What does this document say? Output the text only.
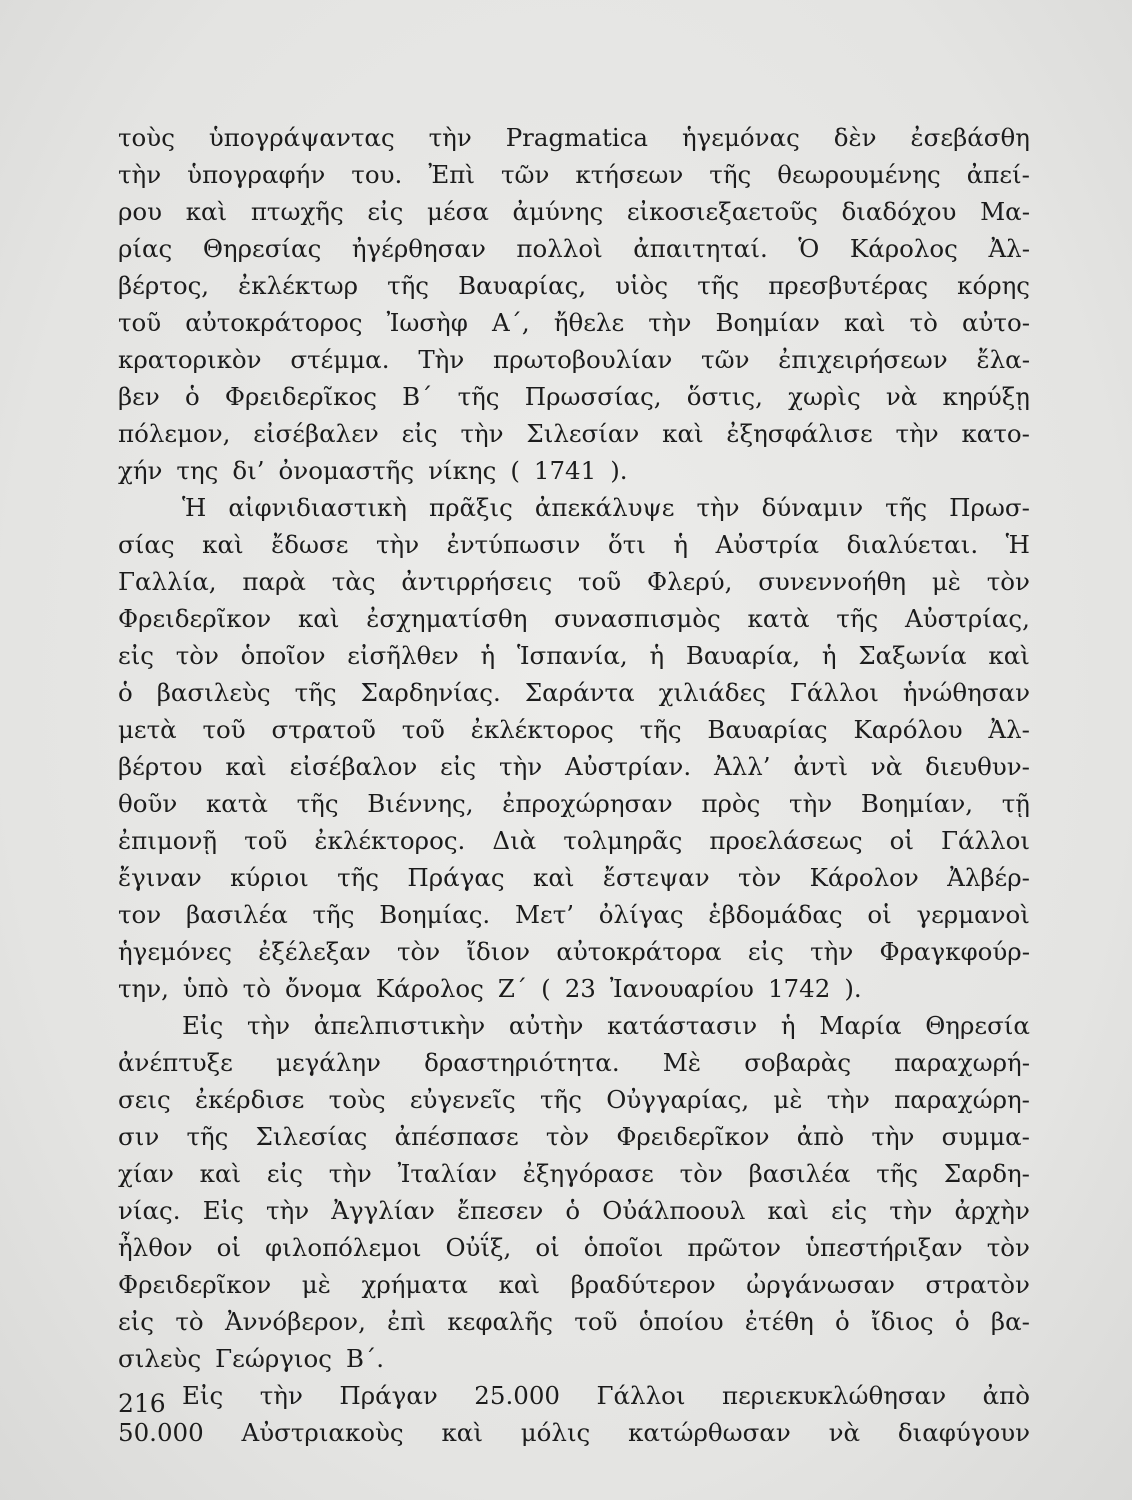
τοὺς ὑπογράψαντας τὴν Pragmatica ἡγεμόνας δὲν ἐσεβάσθη
τὴν ὑπογραφήν του. Ἐπὶ τῶν κτήσεων τῆς θεωρουμένης ἀπεί-
ρου καὶ πτωχῆς εἰς μέσα ἀμύνης εἰκοσιεξαετοῦς διαδόχου Μα-
ρίας Θηρεσίας ἠγέρθησαν πολλοὶ ἀπαιτηταί. Ὁ Κάρολος Ἀλ-
βέρτος, ἐκλέκτωρ τῆς Βαυαρίας, υἱὸς τῆς πρεσβυτέρας κόρης
τοῦ αὐτοκράτορος Ἰωσὴφ Α΄, ἤθελε τὴν Βοημίαν καὶ τὸ αὐτο-
κρατορικὸν στέμμα. Τὴν πρωτοβουλίαν τῶν ἐπιχειρήσεων ἔλα-
βεν ὁ Φρειδερῖκος Β΄ τῆς Πρωσσίας, ὅστις, χωρὶς νὰ κηρύξῃ
πόλεμον, εἰσέβαλεν εἰς τὴν Σιλεσίαν καὶ ἐξησφάλισε τὴν κατο-
χήν της δι’ ὀνομαστῆς νίκης ( 1741 ).
Ἡ αἰφνιδιαστικὴ πρᾶξις ἀπεκάλυψε τὴν δύναμιν τῆς Πρωσ-
σίας καὶ ἔδωσε τὴν ἐντύπωσιν ὅτι ἡ Αὐστρία διαλύεται. Ἡ
Γαλλία, παρὰ τὰς ἀντιρρήσεις τοῦ Φλερύ, συνεννοήθη μὲ τὸν
Φρειδερῖκον καὶ ἐσχηματίσθη συνασπισμὸς κατὰ τῆς Αὐστρίας,
εἰς τὸν ὁποῖον εἰσῆλθεν ἡ Ἱσπανία, ἡ Βαυαρία, ἡ Σαξωνία καὶ
ὁ βασιλεὺς τῆς Σαρδηνίας. Σαράντα χιλιάδες Γάλλοι ἡνώθησαν
μετὰ τοῦ στρατοῦ τοῦ ἐκλέκτορος τῆς Βαυαρίας Καρόλου Ἀλ-
βέρτου καὶ εἰσέβαλον εἰς τὴν Αὐστρίαν. Ἀλλ’ ἀντὶ νὰ διευθυν-
θοῦν κατὰ τῆς Βιέννης, ἐπροχώρησαν πρὸς τὴν Βοημίαν, τῇ
ἐπιμονῇ τοῦ ἐκλέκτορος. Διὰ τολμηρᾶς προελάσεως οἱ Γάλλοι
ἔγιναν κύριοι τῆς Πράγας καὶ ἔστεψαν τὸν Κάρολον Ἀλβέρ-
τον βασιλέα τῆς Βοημίας. Μετ’ ὀλίγας ἑβδομάδας οἱ γερμανοὶ
ἡγεμόνες ἐξέλεξαν τὸν ἴδιον αὐτοκράτορα εἰς τὴν Φραγκφούρ-
την, ὑπὸ τὸ ὄνομα Κάρολος Ζ΄ ( 23 Ἰανουαρίου 1742 ).
Εἰς τὴν ἀπελπιστικὴν αὐτὴν κατάστασιν ἡ Μαρία Θηρεσία
ἀνέπτυξε μεγάλην δραστηριότητα. Μὲ σοβαρὰς παραχωρή-
σεις ἐκέρδισε τοὺς εὐγενεῖς τῆς Οὐγγαρίας, μὲ τὴν παραχώρη-
σιν τῆς Σιλεσίας ἀπέσπασε τὸν Φρειδερῖκον ἀπὸ τὴν συμμα-
χίαν καὶ εἰς τὴν Ἰταλίαν ἐξηγόρασε τὸν βασιλέα τῆς Σαρδη-
νίας. Εἰς τὴν Ἀγγλίαν ἔπεσεν ὁ Οὐάλποουλ καὶ εἰς τὴν ἀρχὴν
ἦλθον οἱ φιλοπόλεμοι Οὐΐξ, οἱ ὁποῖοι πρῶτον ὑπεστήριξαν τὸν
Φρειδερῖκον μὲ χρήματα καὶ βραδύτερον ὠργάνωσαν στρατὸν
εἰς τὸ Ἀννόβερον, ἐπὶ κεφαλῆς τοῦ ὁποίου ἐτέθη ὁ ἴδιος ὁ βα-
σιλεὺς Γεώργιος Β΄.
Εἰς τὴν Πράγαν 25.000 Γάλλοι περιεκυκλώθησαν ἀπὸ
50.000 Αὐστριακοὺς καὶ μόλις κατώρθωσαν νὰ διαφύγουν
216
